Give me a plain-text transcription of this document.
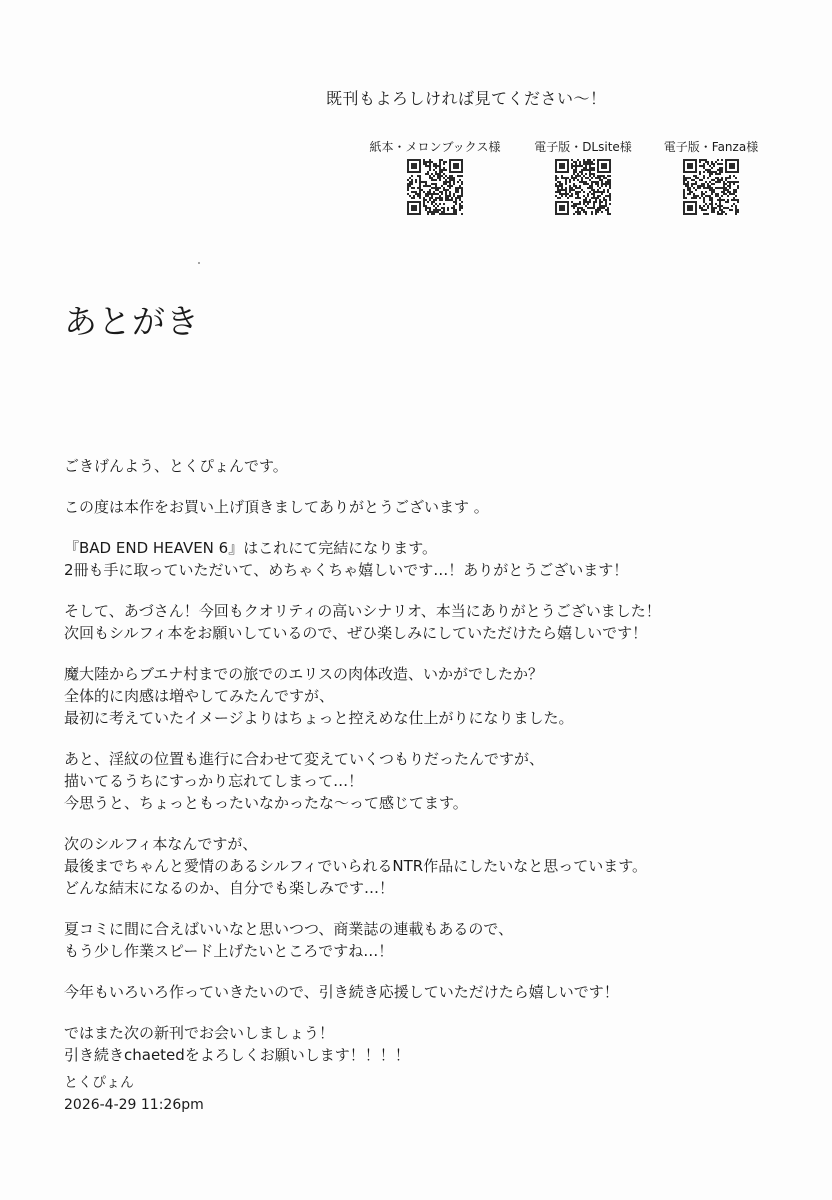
既刊もよろしければ見てください〜！
紙本・メロンブックス様	電子版・DLsite様	電子版・Fanza様
あとがき

ごきげんよう、とくぴょんです。

この度は本作をお買い上げ頂きましてありがとうございます 。

『BAD END HEAVEN 6』はこれにて完結になります。
2冊も手に取っていただいて、めちゃくちゃ嬉しいです…！ありがとうございます！

そして、あづさん！今回もクオリティの高いシナリオ、本当にありがとうございました！
次回もシルフィ本をお願いしているので、ぜひ楽しみにしていただけたら嬉しいです！

魔大陸からブエナ村までの旅でのエリスの肉体改造、いかがでしたか？
全体的に肉感は増やしてみたんですが、
最初に考えていたイメージよりはちょっと控えめな仕上がりになりました。

あと、淫紋の位置も進行に合わせて変えていくつもりだったんですが、
描いてるうちにすっかり忘れてしまって…！
今思うと、ちょっともったいなかったな〜って感じてます。

次のシルフィ本なんですが、
最後までちゃんと愛情のあるシルフィでいられるNTR作品にしたいなと思っています。
どんな結末になるのか、自分でも楽しみです…！

夏コミに間に合えばいいなと思いつつ、商業誌の連載もあるので、
もう少し作業スピード上げたいところですね…！

今年もいろいろ作っていきたいので、引き続き応援していただけたら嬉しいです！

ではまた次の新刊でお会いしましょう！
引き続きchaetedをよろしくお願いします！！！！

とくぴょん
2026-4-29 11:26pm
